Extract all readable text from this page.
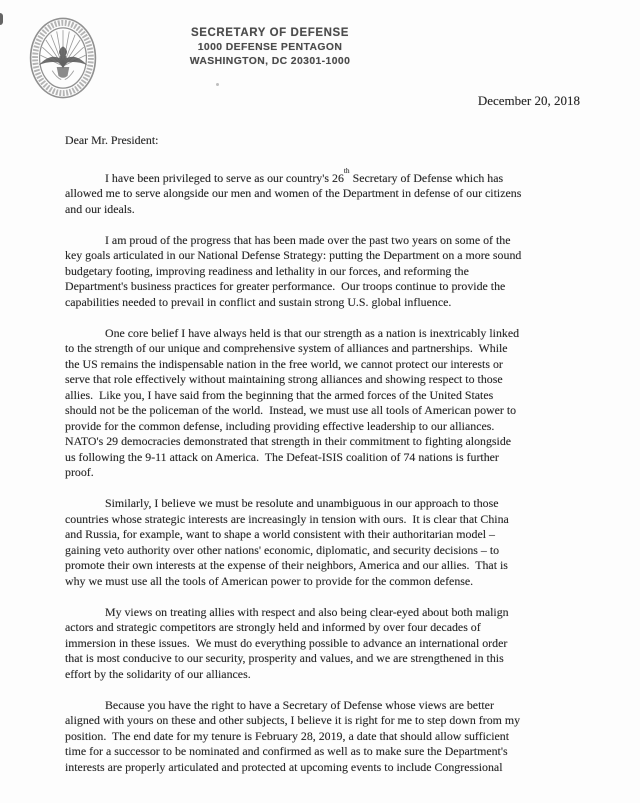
SECRETARY OF DEFENSE
1000 DEFENSE PENTAGON
WASHINGTON, DC 20301-1000
December 20, 2018
Dear Mr. President:
I have been privileged to serve as our country's 26th Secretary of Defense which has
allowed me to serve alongside our men and women of the Department in defense of our citizens
and our ideals.
I am proud of the progress that has been made over the past two years on some of the
key goals articulated in our National Defense Strategy: putting the Department on a more sound
budgetary footing, improving readiness and lethality in our forces, and reforming the
Department's business practices for greater performance.  Our troops continue to provide the
capabilities needed to prevail in conflict and sustain strong U.S. global influence.
One core belief I have always held is that our strength as a nation is inextricably linked
to the strength of our unique and comprehensive system of alliances and partnerships.  While
the US remains the indispensable nation in the free world, we cannot protect our interests or
serve that role effectively without maintaining strong alliances and showing respect to those
allies.  Like you, I have said from the beginning that the armed forces of the United States
should not be the policeman of the world.  Instead, we must use all tools of American power to
provide for the common defense, including providing effective leadership to our alliances.
NATO's 29 democracies demonstrated that strength in their commitment to fighting alongside
us following the 9-11 attack on America.  The Defeat-ISIS coalition of 74 nations is further
proof.
Similarly, I believe we must be resolute and unambiguous in our approach to those
countries whose strategic interests are increasingly in tension with ours.  It is clear that China
and Russia, for example, want to shape a world consistent with their authoritarian model –
gaining veto authority over other nations' economic, diplomatic, and security decisions – to
promote their own interests at the expense of their neighbors, America and our allies.  That is
why we must use all the tools of American power to provide for the common defense.
My views on treating allies with respect and also being clear-eyed about both malign
actors and strategic competitors are strongly held and informed by over four decades of
immersion in these issues.  We must do everything possible to advance an international order
that is most conducive to our security, prosperity and values, and we are strengthened in this
effort by the solidarity of our alliances.
Because you have the right to have a Secretary of Defense whose views are better
aligned with yours on these and other subjects, I believe it is right for me to step down from my
position.  The end date for my tenure is February 28, 2019, a date that should allow sufficient
time for a successor to be nominated and confirmed as well as to make sure the Department's
interests are properly articulated and protected at upcoming events to include Congressional
